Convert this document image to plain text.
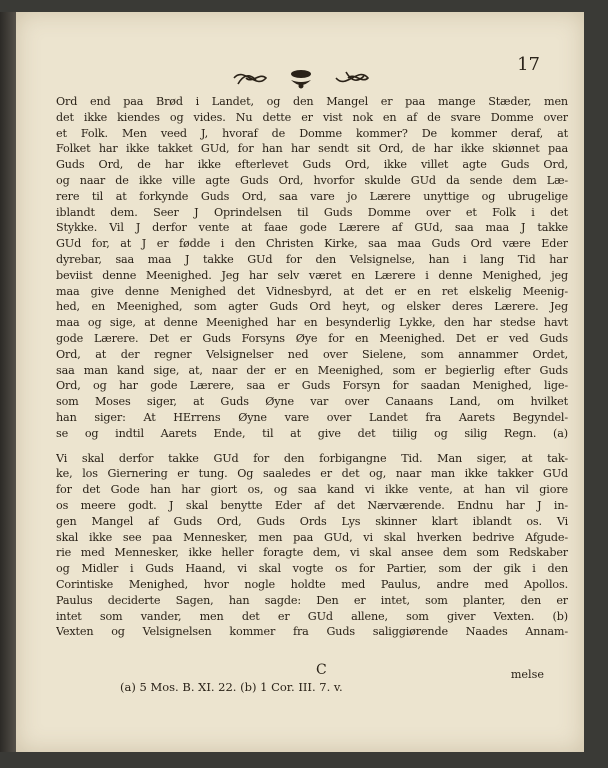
17
Ord end paa Brød i Landet, og den Mangel er paa mange Stæder, men
det ikke kiendes og vides. Nu dette er vist nok en af de svare Domme over
et Folk. Men veed J, hvoraf de Domme kommer? De kommer deraf, at
Folket har ikke takket GUd, for han har sendt sit Ord, de har ikke skiønnet paa
Guds Ord, de har ikke efterlevet Guds Ord, ikke villet agte Guds Ord,
og naar de ikke ville agte Guds Ord, hvorfor skulde GUd da sende dem Læ-
rere til at forkynde Guds Ord, saa vare jo Lærere unyttige og ubrugelige
iblandt dem. Seer J Oprindelsen til Guds Domme over et Folk i det
Stykke. Vil J derfor vente at faae gode Lærere af GUd, saa maa J takke
GUd for, at J er fødde i den Christen Kirke, saa maa Guds Ord være Eder
dyrebar, saa maa J takke GUd for den Velsignelse, han i lang Tid har
beviist denne Meenighed. Jeg har selv været en Lærere i denne Menighed, jeg
maa give denne Menighed det Vidnesbyrd, at det er en ret elskelig Meenig-
hed, en Meenighed, som agter Guds Ord heyt, og elsker deres Lærere. Jeg
maa og sige, at denne Meenighed har en besynderlig Lykke, den har stedse havt
gode Lærere. Det er Guds Forsyns Øye for en Meenighed. Det er ved Guds
Ord, at der regner Velsignelser ned over Sielene, som annammer Ordet,
saa man kand sige, at, naar der er en Meenighed, som er begierlig efter Guds
Ord, og har gode Lærere, saa er Guds Forsyn for saadan Menighed, lige-
som Moses siger, at Guds Øyne var over Canaans Land, om hvilket
han siger: At HErrens Øyne vare over Landet fra Aarets Begyndel-
se og indtil Aarets Ende, til at give det tiilig og silig Regn. (a)
Vi skal derfor takke GUd for den forbigangne Tid. Man siger, at tak-
ke, los Giernering er tung. Og saaledes er det og, naar man ikke takker GUd
for det Gode han har giort os, og saa kand vi ikke vente, at han vil giore
os meere godt. J skal benytte Eder af det Nærværende. Endnu har J in-
gen Mangel af Guds Ord, Guds Ords Lys skinner klart iblandt os. Vi
skal ikke see paa Mennesker, men paa GUd, vi skal hverken bedrive Afgude-
rie med Mennesker, ikke heller foragte dem, vi skal ansee dem som Redskaber
og Midler i Guds Haand, vi skal vogte os for Partier, som der gik i den
Corintiske Menighed, hvor nogle holdte med Paulus, andre med Apollos.
Paulus deciderte Sagen, han sagde: Den er intet, som planter, den er
intet som vander, men det er GUd allene, som giver Vexten. (b)
Vexten og Velsignelsen kommer fra Guds saliggiørende Naades Annam-
C	melse
(a) 5 Mos. B. XI. 22. (b) 1 Cor. III. 7. v.
